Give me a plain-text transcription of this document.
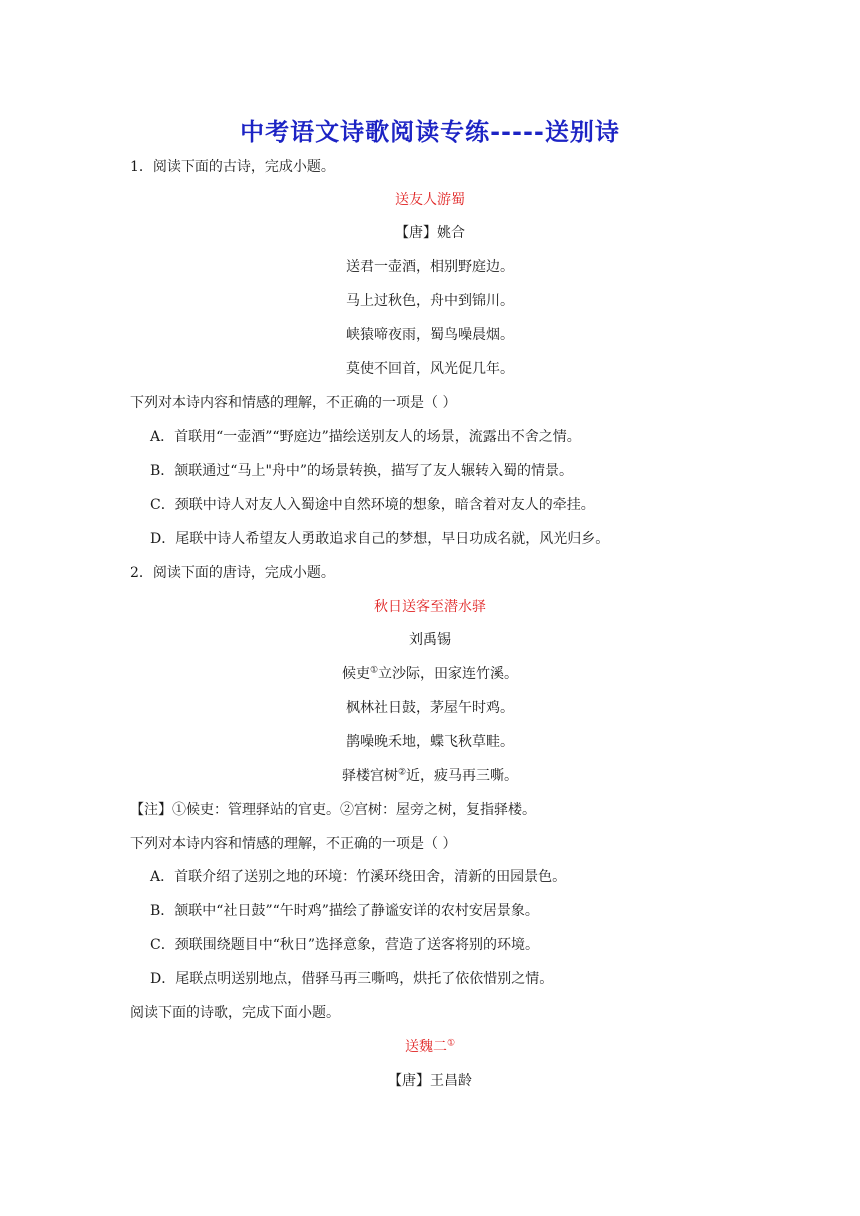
中考语文诗歌阅读专练-----送别诗
1．阅读下面的古诗，完成小题。
送友人游蜀
【唐】姚合
送君一壶酒，相别野庭边。
马上过秋色，舟中到锦川。
峡猿啼夜雨，蜀鸟噪晨烟。
莫使不回首，风光促几年。
下列对本诗内容和情感的理解，不正确的一项是（ ）
A．首联用“一壶酒”“野庭边”描绘送别友人的场景，流露出不舍之情。
B．颔联通过“马上"舟中”的场景转换，描写了友人辗转入蜀的情景。
C．颈联中诗人对友人入蜀途中自然环境的想象，暗含着对友人的牵挂。
D．尾联中诗人希望友人勇敢追求自己的梦想，早日功成名就，风光归乡。
2．阅读下面的唐诗，完成小题。
秋日送客至潜水驿
刘禹锡
候吏①立沙际，田家连竹溪。
枫林社日鼓，茅屋午时鸡。
鹊噪晚禾地，蝶飞秋草畦。
驿楼宫树②近，疲马再三嘶。
【注】①候吏：管理驿站的官吏。②宫树：屋旁之树，复指驿楼。
下列对本诗内容和情感的理解，不正确的一项是（ ）
A．首联介绍了送别之地的环境：竹溪环绕田舍，清新的田园景色。
B．颔联中“社日鼓”“午时鸡”描绘了静谧安详的农村安居景象。
C．颈联围绕题目中“秋日”选择意象，营造了送客将别的环境。
D．尾联点明送别地点，借驿马再三嘶鸣，烘托了依依惜别之情。
阅读下面的诗歌，完成下面小题。
送魏二①
【唐】王昌龄
